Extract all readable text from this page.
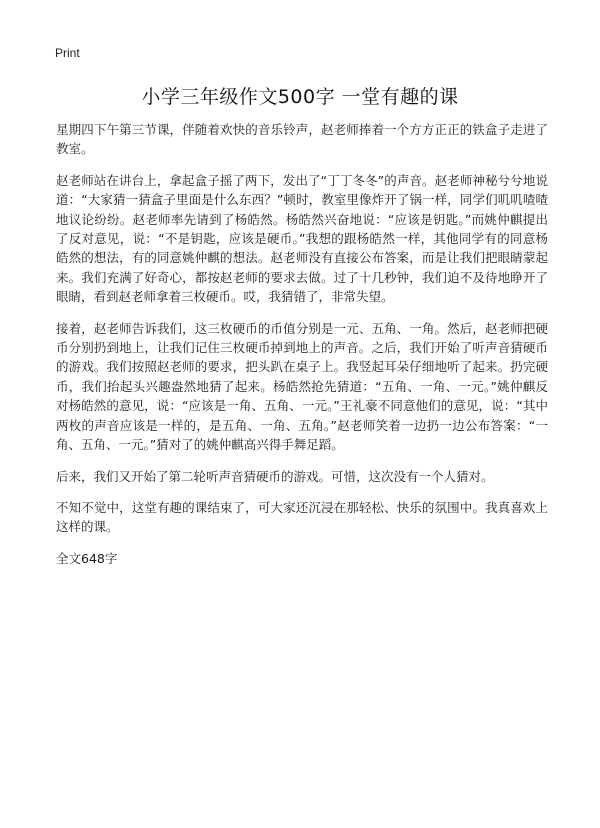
Print
小学三年级作文500字 一堂有趣的课

星期四下午第三节课，伴随着欢快的音乐铃声，赵老师捧着一个方方正正的铁盒子走进了教室。

赵老师站在讲台上，拿起盒子摇了两下，发出了“丁丁冬冬”的声音。赵老师神秘兮兮地说道：“大家猜一猜盒子里面是什么东西？”顿时，教室里像炸开了锅一样，同学们叽叽喳喳地议论纷纷。赵老师率先请到了杨皓然。杨皓然兴奋地说：“应该是钥匙。”而姚仲麒提出了反对意见，说：“不是钥匙，应该是硬币。”我想的跟杨皓然一样，其他同学有的同意杨皓然的想法，有的同意姚仲麒的想法。赵老师没有直接公布答案，而是让我们把眼睛蒙起来。我们充满了好奇心，都按赵老师的要求去做。过了十几秒钟，我们迫不及待地睁开了眼睛，看到赵老师拿着三枚硬币。哎，我猜错了，非常失望。

接着，赵老师告诉我们，这三枚硬币的币值分别是一元、五角、一角。然后，赵老师把硬币分别扔到地上，让我们记住三枚硬币掉到地上的声音。之后，我们开始了听声音猜硬币的游戏。我们按照赵老师的要求，把头趴在桌子上。我竖起耳朵仔细地听了起来。扔完硬币，我们抬起头兴趣盎然地猜了起来。杨皓然抢先猜道：“五角、一角、一元。”姚仲麒反对杨皓然的意见，说：“应该是一角、五角、一元。”王礼豪不同意他们的意见，说：“其中两枚的声音应该是一样的，是五角、一角、五角。”赵老师笑着一边扔一边公布答案：“一角、五角、一元。”猜对了的姚仲麒高兴得手舞足蹈。

后来，我们又开始了第二轮听声音猜硬币的游戏。可惜，这次没有一个人猜对。

不知不觉中，这堂有趣的课结束了，可大家还沉浸在那轻松、快乐的氛围中。我真喜欢上这样的课。

全文648字
